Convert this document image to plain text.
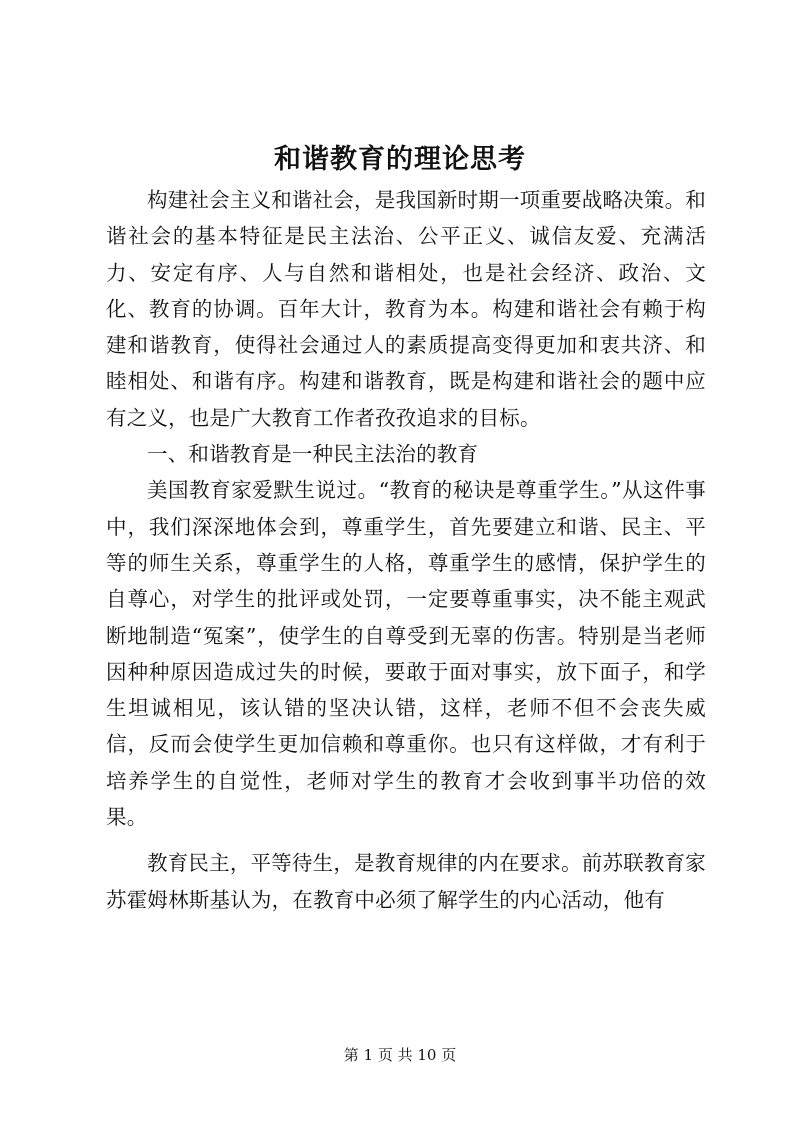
和谐教育的理论思考

构建社会主义和谐社会，是我国新时期一项重要战略决策。和谐社会的基本特征是民主法治、公平正义、诚信友爱、充满活力、安定有序、人与自然和谐相处，也是社会经济、政治、文化、教育的协调。百年大计，教育为本。构建和谐社会有赖于构建和谐教育，使得社会通过人的素质提高变得更加和衷共济、和睦相处、和谐有序。构建和谐教育，既是构建和谐社会的题中应有之义，也是广大教育工作者孜孜追求的目标。

一、和谐教育是一种民主法治的教育

美国教育家爱默生说过。“教育的秘诀是尊重学生。”从这件事中，我们深深地体会到，尊重学生，首先要建立和谐、民主、平等的师生关系，尊重学生的人格，尊重学生的感情，保护学生的自尊心，对学生的批评或处罚，一定要尊重事实，决不能主观武断地制造“冤案”，使学生的自尊受到无辜的伤害。特别是当老师因种种原因造成过失的时候，要敢于面对事实，放下面子，和学生坦诚相见，该认错的坚决认错，这样，老师不但不会丧失威信，反而会使学生更加信赖和尊重你。也只有这样做，才有利于培养学生的自觉性，老师对学生的教育才会收到事半功倍的效果。

教育民主，平等待生，是教育规律的内在要求。前苏联教育家苏霍姆林斯基认为，在教育中必须了解学生的内心活动，他有

第 1 页 共 10 页
